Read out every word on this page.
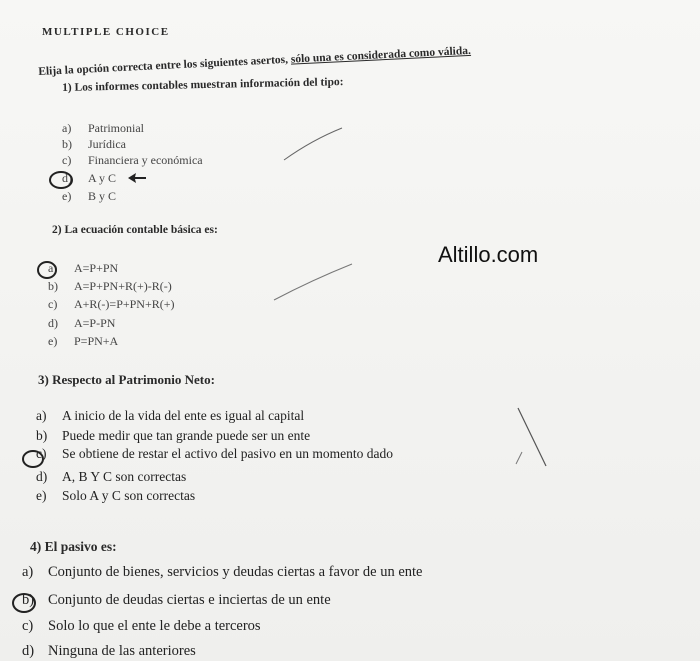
MULTIPLE CHOICE
Elija la opción correcta entre los siguientes asertos, sólo una es considerada como válida.
1) Los informes contables muestran información del tipo:
a) Patrimonial
b) Jurídica
c) Financiera y económica
d) A y C
e) B y C
2) La ecuación contable básica es:
a) A=P+PN
b) A=P+PN+R(+)-R(-)
c) A+R(-)=P+PN+R(+)
d) A=P-PN
e) P=PN+A
Altillo.com
3) Respecto al Patrimonio Neto:
a) A inicio de la vida del ente es igual al capital
b) Puede medir que tan grande puede ser un ente
c) Se obtiene de restar el activo del pasivo en un momento dado
d) A, B Y C son correctas
e) Solo A y C son correctas
4) El pasivo es:
a) Conjunto de bienes, servicios y deudas ciertas a favor de un ente
b) Conjunto de deudas ciertas e inciertas de un ente
c) Solo lo que el ente le debe a terceros
d) Ninguna de las anteriores
